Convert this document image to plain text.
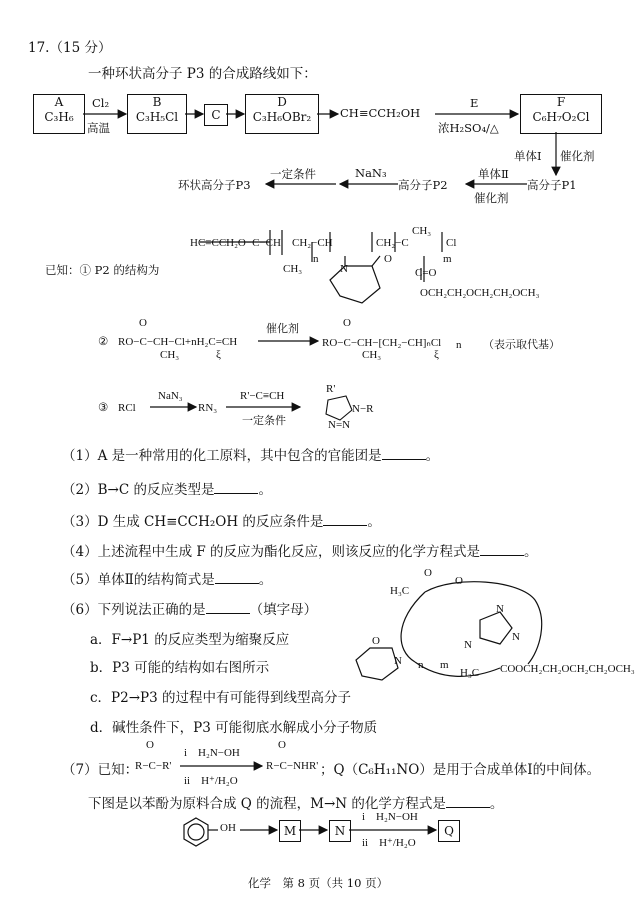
17.（15 分）
一种环状高分子 P3 的合成路线如下：
A
C₃H₆
Cl₂
高温
B
C₃H₅Cl	C
D
C₃H₆OBr₂	CH≡CCH₂OH
E
浓H₂SO₄/△
F
C₆H₇O₂Cl
单体Ⅰ 催化剂
高分子P1
单体Ⅱ
催化剂
高分子P2
NaN₃
一定条件
环状高分子P3
已知：① P2 的结构为
② RO−C−CH−Cl+nH₂C=CH
催化剂
RO−C−CH−[CH₂−CH]ₙCl	（表示取代基）
③ RCl
NaN₃
RN₃
R'−C≡CH
一定条件
（1）A 是一种常用的化工原料，其中包含的官能团是	。
（2）B→C 的反应类型是	。
（3）D 生成 CH≡CCH₂OH 的反应条件是	。
（4）上述流程中生成 F 的反应为酯化反应，则该反应的化学方程式是	。
（5）单体Ⅱ的结构简式是	。
（6）下列说法正确的是	（填字母）
a．F→P1 的反应类型为缩聚反应
b．P3 可能的结构如右图所示
c．P2→P3 的过程中有可能得到线型高分子
d．碱性条件下，P3 可能彻底水解成小分子物质
（7）已知：
R−C−R'
i　H₂N−OH
ii　H⁺/H₂O
R−C−NHR' ；Q（C₆H₁₁NO）是用于合成单体Ⅰ的中间体。
下图是以苯酚为原料合成 Q 的流程，M→N 的化学方程式是	。
OH	M	N
i　H₂N−OH
ii　H⁺/H₂O
Q
化学　第 8 页（共 10 页）
HC≡CCH₂O−C−CH CH₂−CH	CH₂−C	Cl
CH₃
CH₃
OCH₂CH₂OCH₂CH₂OCH₃
N
O
n	m
C=O
O
CH₃	ξ
O
CH₃	ξ
n
R'
N−R
N=N
H₃C
O
O
N
N
N
N
O
H₃C COOCH₂CH₂OCH₂CH₂OCH₃
n m
O	O
